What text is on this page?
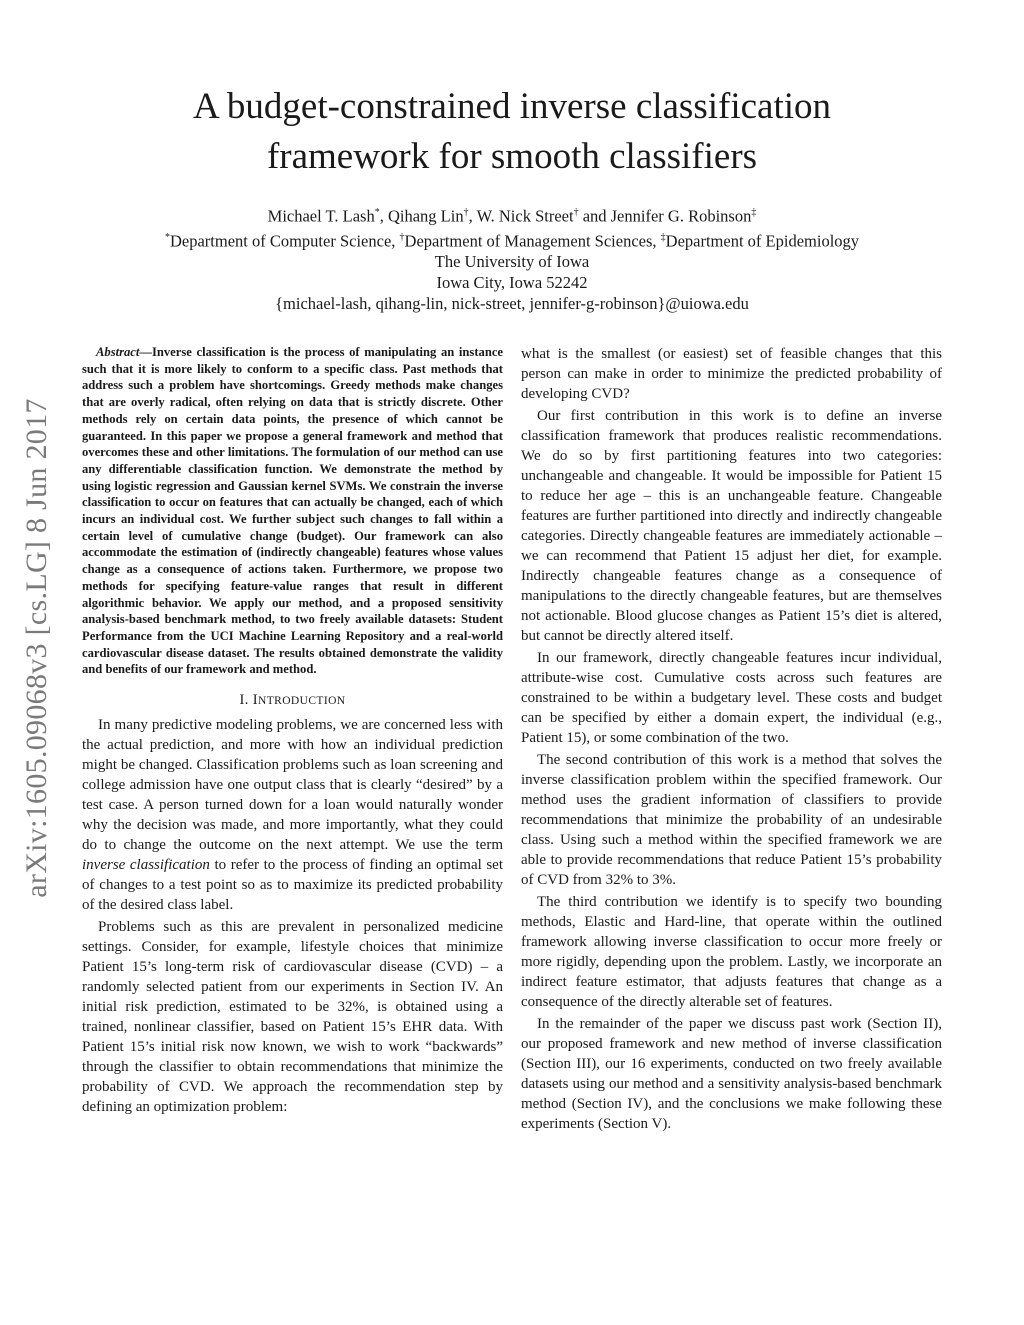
arXiv:1605.09068v3 [cs.LG] 8 Jun 2017
A budget-constrained inverse classification
framework for smooth classifiers
Michael T. Lash*, Qihang Lin†, W. Nick Street† and Jennifer G. Robinson‡
*Department of Computer Science, †Department of Management Sciences, ‡Department of Epidemiology
The University of Iowa
Iowa City, Iowa 52242
{michael-lash, qihang-lin, nick-street, jennifer-g-robinson}@uiowa.edu

Abstract—Inverse classification is the process of manipulating an instance such that it is more likely to conform to a specific class. Past methods that address such a problem have shortcomings. Greedy methods make changes that are overly radical, often relying on data that is strictly discrete. Other methods rely on certain data points, the presence of which cannot be guaranteed. In this paper we propose a general framework and method that overcomes these and other limitations. The formulation of our method can use any differentiable classification function. We demonstrate the method by using logistic regression and Gaussian kernel SVMs. We constrain the inverse classification to occur on features that can actually be changed, each of which incurs an individual cost. We further subject such changes to fall within a certain level of cumulative change (budget). Our framework can also accommodate the estimation of (indirectly changeable) features whose values change as a consequence of actions taken. Furthermore, we propose two methods for specifying feature-value ranges that result in different algorithmic behavior. We apply our method, and a proposed sensitivity analysis-based benchmark method, to two freely available datasets: Student Performance from the UCI Machine Learning Repository and a real-world cardiovascular disease dataset. The results obtained demonstrate the validity and benefits of our framework and method.

I. INTRODUCTION

In many predictive modeling problems, we are concerned less with the actual prediction, and more with how an individual prediction might be changed. Classification problems such as loan screening and college admission have one output class that is clearly “desired” by a test case. A person turned down for a loan would naturally wonder why the decision was made, and more importantly, what they could do to change the outcome on the next attempt. We use the term inverse classification to refer to the process of finding an optimal set of changes to a test point so as to maximize its predicted probability of the desired class label.

Problems such as this are prevalent in personalized medicine settings. Consider, for example, lifestyle choices that minimize Patient 15’s long-term risk of cardiovascular disease (CVD) – a randomly selected patient from our experiments in Section IV. An initial risk prediction, estimated to be 32%, is obtained using a trained, nonlinear classifier, based on Patient 15’s EHR data. With Patient 15’s initial risk now known, we wish to work “backwards” through the classifier to obtain recommendations that minimize the probability of CVD. We approach the recommendation step by defining an optimization problem:

what is the smallest (or easiest) set of feasible changes that this person can make in order to minimize the predicted probability of developing CVD?

Our first contribution in this work is to define an inverse classification framework that produces realistic recommendations. We do so by first partitioning features into two categories: unchangeable and changeable. It would be impossible for Patient 15 to reduce her age – this is an unchangeable feature. Changeable features are further partitioned into directly and indirectly changeable categories. Directly changeable features are immediately actionable – we can recommend that Patient 15 adjust her diet, for example. Indirectly changeable features change as a consequence of manipulations to the directly changeable features, but are themselves not actionable. Blood glucose changes as Patient 15’s diet is altered, but cannot be directly altered itself.

In our framework, directly changeable features incur individual, attribute-wise cost. Cumulative costs across such features are constrained to be within a budgetary level. These costs and budget can be specified by either a domain expert, the individual (e.g., Patient 15), or some combination of the two.

The second contribution of this work is a method that solves the inverse classification problem within the specified framework. Our method uses the gradient information of classifiers to provide recommendations that minimize the probability of an undesirable class. Using such a method within the specified framework we are able to provide recommendations that reduce Patient 15’s probability of CVD from 32% to 3%.

The third contribution we identify is to specify two bounding methods, Elastic and Hard-line, that operate within the outlined framework allowing inverse classification to occur more freely or more rigidly, depending upon the problem. Lastly, we incorporate an indirect feature estimator, that adjusts features that change as a consequence of the directly alterable set of features.

In the remainder of the paper we discuss past work (Section II), our proposed framework and new method of inverse classification (Section III), our 16 experiments, conducted on two freely available datasets using our method and a sensitivity analysis-based benchmark method (Section IV), and the conclusions we make following these experiments (Section V).
